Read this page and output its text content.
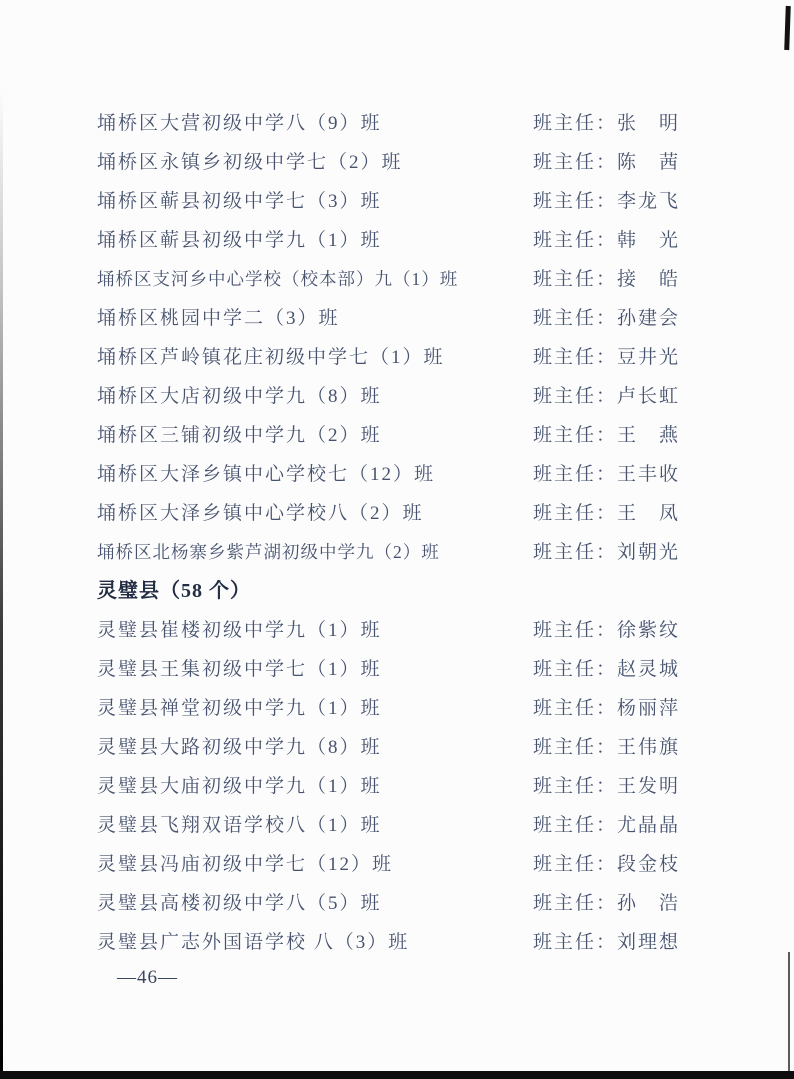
埇桥区大营初级中学八（9）班	班主任：张　明
埇桥区永镇乡初级中学七（2）班	班主任：陈　茜
埇桥区蕲县初级中学七（3）班	班主任：李龙飞
埇桥区蕲县初级中学九（1）班	班主任：韩　光
埇桥区支河乡中心学校（校本部）九（1）班	班主任：接　皓
埇桥区桃园中学二（3）班	班主任：孙建会
埇桥区芦岭镇花庄初级中学七（1）班	班主任：豆井光
埇桥区大店初级中学九（8）班	班主任：卢长虹
埇桥区三铺初级中学九（2）班	班主任：王　燕
埇桥区大泽乡镇中心学校七（12）班	班主任：王丰收
埇桥区大泽乡镇中心学校八（2）班	班主任：王　凤
埇桥区北杨寨乡紫芦湖初级中学九（2）班	班主任：刘朝光
灵璧县（58 个）
灵璧县崔楼初级中学九（1）班	班主任：徐紫纹
灵璧县王集初级中学七（1）班	班主任：赵灵城
灵璧县禅堂初级中学九（1）班	班主任：杨丽萍
灵璧县大路初级中学九（8）班	班主任：王伟旗
灵璧县大庙初级中学九（1）班	班主任：王发明
灵璧县飞翔双语学校八（1）班	班主任：尤晶晶
灵璧县冯庙初级中学七（12）班	班主任：段金枝
灵璧县高楼初级中学八（5）班	班主任：孙　浩
灵璧县广志外国语学校 八（3）班	班主任：刘理想
—46—
